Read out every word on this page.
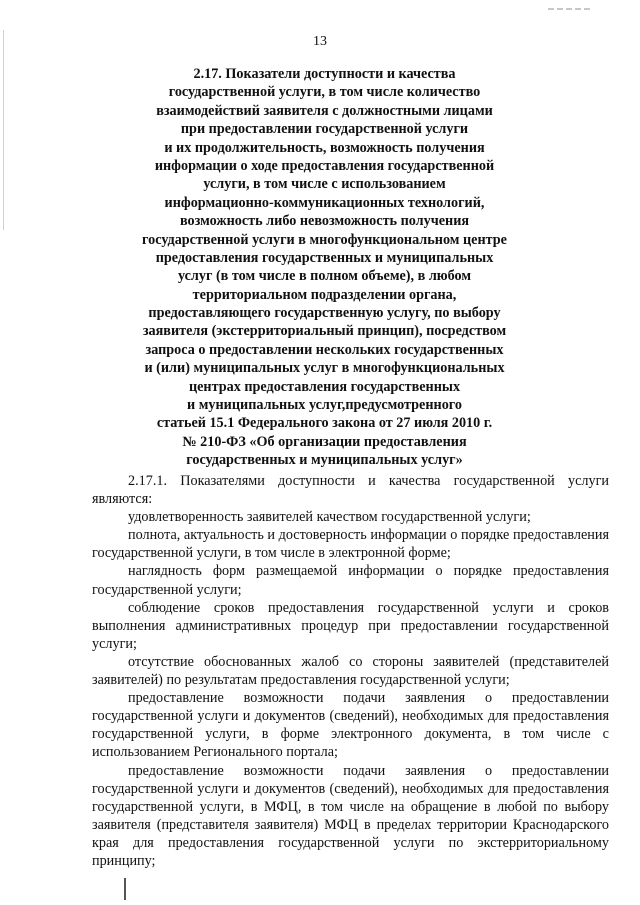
13
2.17. Показатели доступности и качества
государственной услуги, в том числе количество
взаимодействий заявителя с должностными лицами
при предоставлении государственной услуги
и их продолжительность, возможность получения
информации о ходе предоставления государственной
услуги, в том числе с использованием
информационно-коммуникационных технологий,
возможность либо невозможность получения
государственной услуги в многофункциональном центре
предоставления государственных и муниципальных
услуг (в том числе в полном объеме), в любом
территориальном подразделении органа,
предоставляющего государственную услугу, по выбору
заявителя (экстерриториальный принцип), посредством
запроса о предоставлении нескольких государственных
и (или) муниципальных услуг в многофункциональных
центрах предоставления государственных
и муниципальных услуг,предусмотренного
статьей 15.1 Федерального закона от 27 июля 2010 г.
№ 210-ФЗ «Об организации предоставления
государственных и муниципальных услуг»

2.17.1. Показателями доступности и качества государственной услуги являются:

удовлетворенность заявителей качеством государственной услуги;

полнота, актуальность и достоверность информации о порядке предоставления государственной услуги, в том числе в электронной форме;

наглядность форм размещаемой информации о порядке предоставления государственной услуги;

соблюдение сроков предоставления государственной услуги и сроков выполнения административных процедур при предоставлении государственной услуги;

отсутствие обоснованных жалоб со стороны заявителей (представителей заявителей) по результатам предоставления государственной услуги;

предоставление возможности подачи заявления о предоставлении государственной услуги и документов (сведений), необходимых для предоставления государственной услуги, в форме электронного документа, в том числе с использованием Регионального портала;

предоставление возможности подачи заявления о предоставлении государственной услуги и документов (сведений), необходимых для предоставления государственной услуги, в МФЦ, в том числе на обращение в любой по выбору заявителя (представителя заявителя) МФЦ в пределах территории Краснодарского края для предоставления государственной услуги по экстерриториальному принципу;
